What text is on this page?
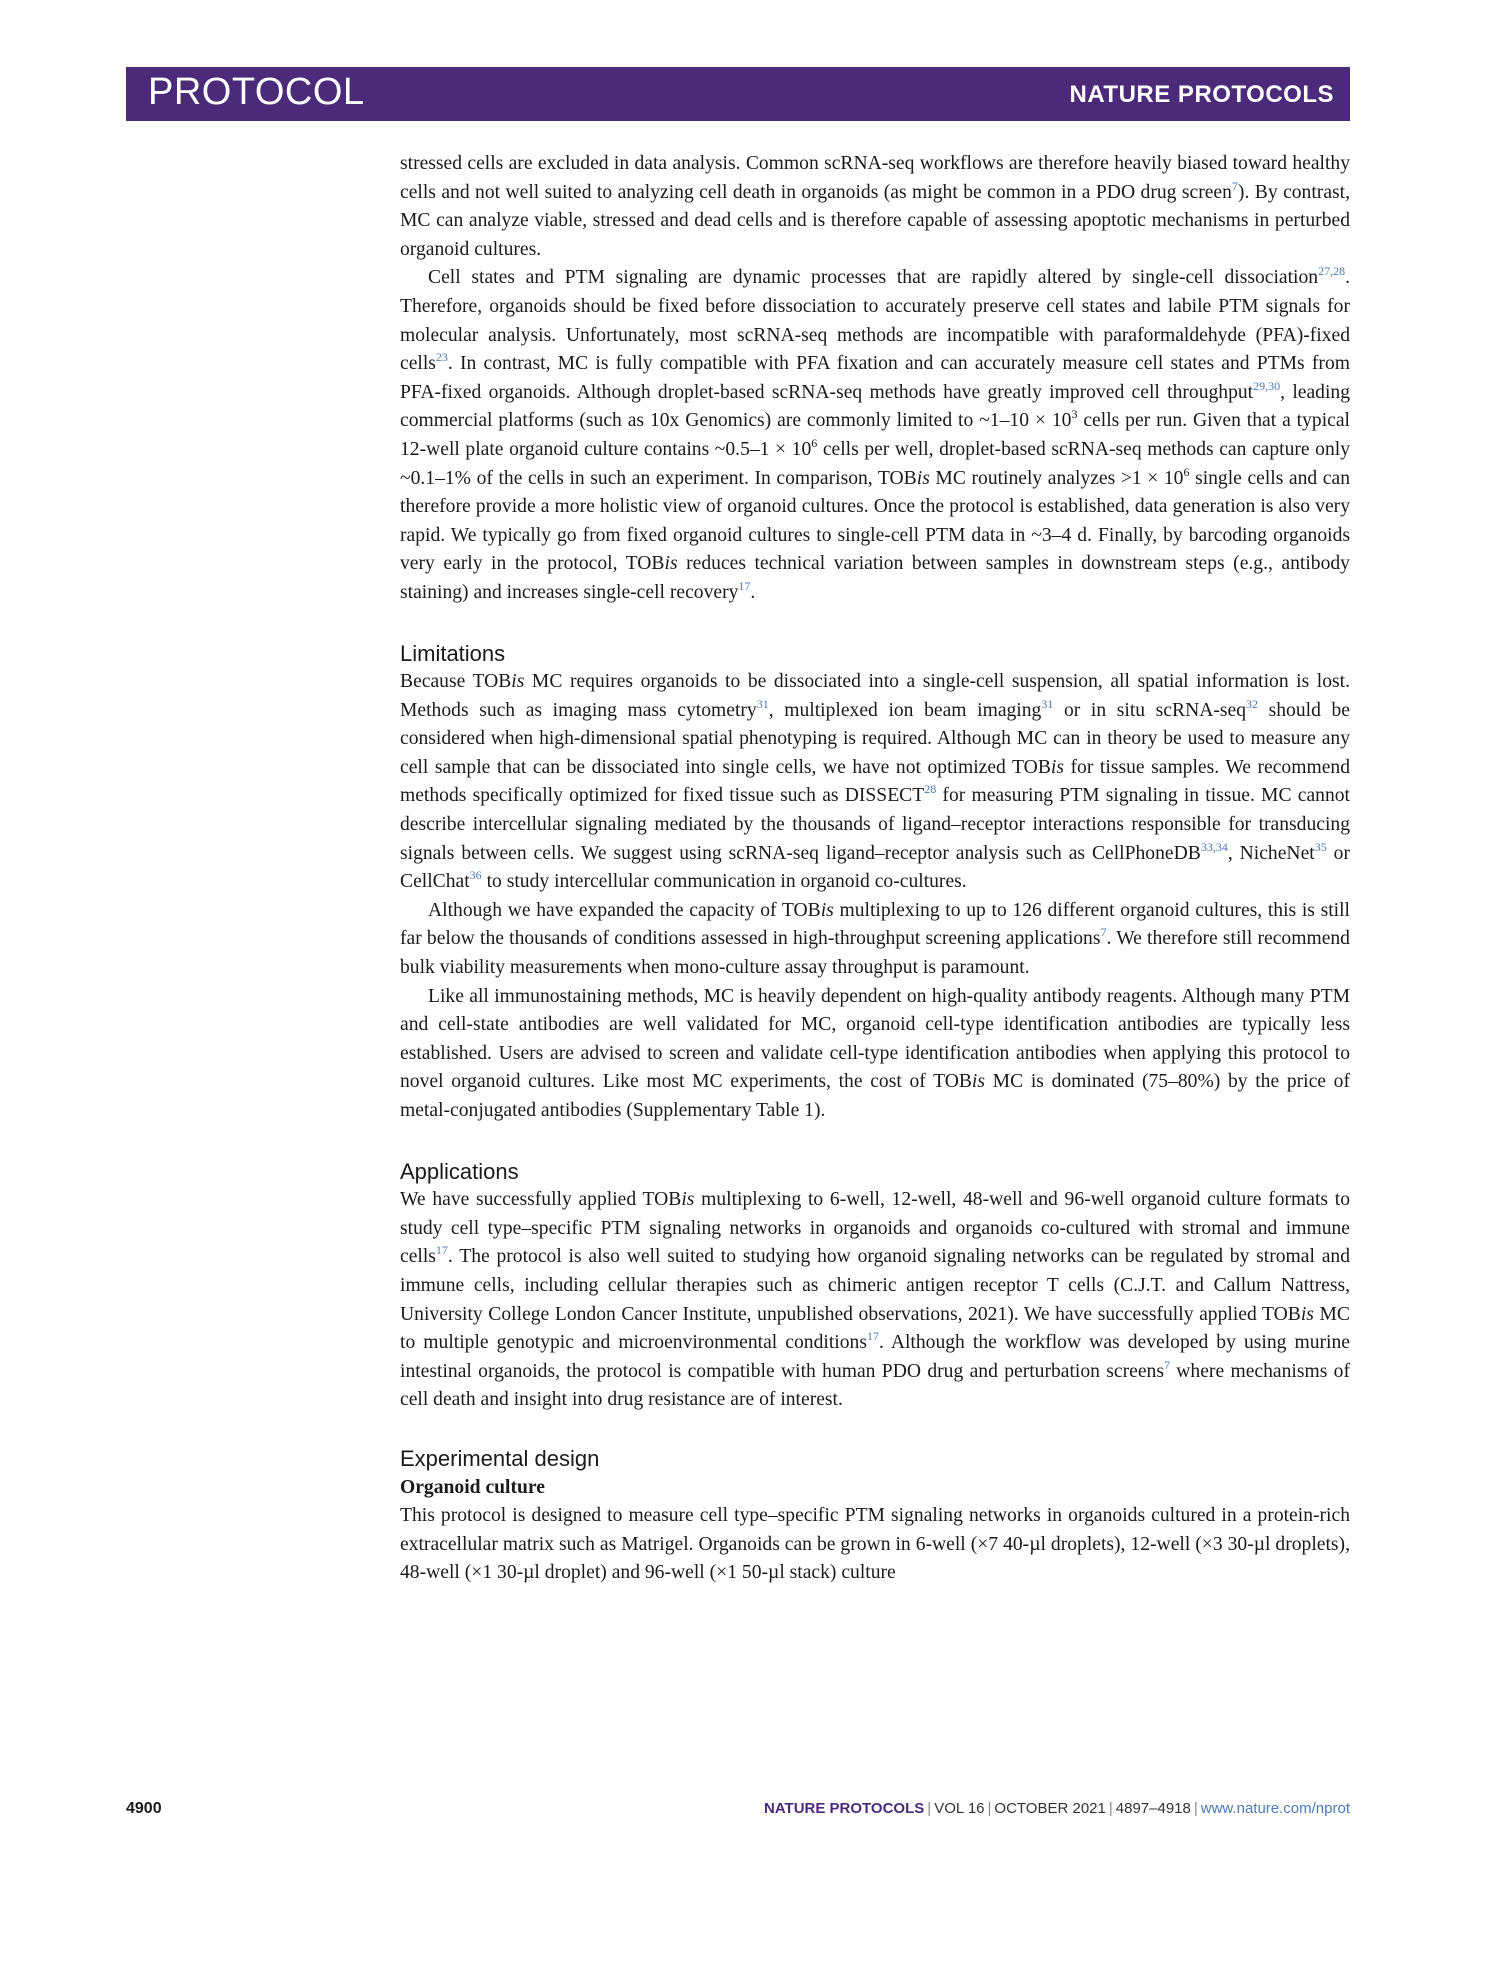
PROTOCOL	NATURE PROTOCOLS

stressed cells are excluded in data analysis. Common scRNA-seq workflows are therefore heavily biased toward healthy cells and not well suited to analyzing cell death in organoids (as might be common in a PDO drug screen$^7$). By contrast, MC can analyze viable, stressed and dead cells and is therefore capable of assessing apoptotic mechanisms in perturbed organoid cultures.

Cell states and PTM signaling are dynamic processes that are rapidly altered by single-cell dissociation$^{27,28}$. Therefore, organoids should be fixed before dissociation to accurately preserve cell states and labile PTM signals for molecular analysis. Unfortunately, most scRNA-seq methods are incompatible with paraformaldehyde (PFA)-fixed cells$^{23}$. In contrast, MC is fully compatible with PFA fixation and can accurately measure cell states and PTMs from PFA-fixed organoids. Although droplet-based scRNA-seq methods have greatly improved cell throughput$^{29,30}$, leading commercial platforms (such as 10x Genomics) are commonly limited to ~1–10 × $10^3$ cells per run. Given that a typical 12-well plate organoid culture contains ~0.5–1 × $10^6$ cells per well, droplet-based scRNA-seq methods can capture only ~0.1–1% of the cells in such an experiment. In comparison, TOBis MC routinely analyzes $>1 \times 10^6$ single cells and can therefore provide a more holistic view of organoid cultures. Once the protocol is established, data generation is also very rapid. We typically go from fixed organoid cultures to single-cell PTM data in ~3–4 d. Finally, by barcoding organoids very early in the protocol, TOBis reduces technical variation between samples in downstream steps (e.g., antibody staining) and increases single-cell recovery$^{17}$.

Limitations

Because TOBis MC requires organoids to be dissociated into a single-cell suspension, all spatial information is lost. Methods such as imaging mass cytometry$^{31}$, multiplexed ion beam imaging$^{31}$ or in situ scRNA-seq$^{32}$ should be considered when high-dimensional spatial phenotyping is required. Although MC can in theory be used to measure any cell sample that can be dissociated into single cells, we have not optimized TOBis for tissue samples. We recommend methods specifically optimized for fixed tissue such as DISSECT$^{28}$ for measuring PTM signaling in tissue. MC cannot describe intercellular signaling mediated by the thousands of ligand–receptor interactions responsible for transducing signals between cells. We suggest using scRNA-seq ligand–receptor analysis such as CellPhoneDB$^{33,34}$, NicheNet$^{35}$ or CellChat$^{36}$ to study intercellular communication in organoid co-cultures.

Although we have expanded the capacity of TOBis multiplexing to up to 126 different organoid cultures, this is still far below the thousands of conditions assessed in high-throughput screening applications$^7$. We therefore still recommend bulk viability measurements when mono-culture assay throughput is paramount.

Like all immunostaining methods, MC is heavily dependent on high-quality antibody reagents. Although many PTM and cell-state antibodies are well validated for MC, organoid cell-type identification antibodies are typically less established. Users are advised to screen and validate cell-type identification antibodies when applying this protocol to novel organoid cultures. Like most MC experiments, the cost of TOBis MC is dominated (75–80%) by the price of metal-conjugated antibodies (Supplementary Table 1).

Applications

We have successfully applied TOBis multiplexing to 6-well, 12-well, 48-well and 96-well organoid culture formats to study cell type–specific PTM signaling networks in organoids and organoids co-cultured with stromal and immune cells$^{17}$. The protocol is also well suited to studying how organoid signaling networks can be regulated by stromal and immune cells, including cellular therapies such as chimeric antigen receptor T cells (C.J.T. and Callum Nattress, University College London Cancer Institute, unpublished observations, 2021). We have successfully applied TOBis MC to multiple genotypic and microenvironmental conditions$^{17}$. Although the workflow was developed by using murine intestinal organoids, the protocol is compatible with human PDO drug and perturbation screens$^7$ where mechanisms of cell death and insight into drug resistance are of interest.

Experimental design
Organoid culture

This protocol is designed to measure cell type–specific PTM signaling networks in organoids cultured in a protein-rich extracellular matrix such as Matrigel. Organoids can be grown in 6-well (×7 40-µl droplets), 12-well (×3 30-µl droplets), 48-well (×1 30-µl droplet) and 96-well (×1 50-µl stack) culture

4900	NATURE PROTOCOLS | VOL 16 | OCTOBER 2021 | 4897–4918 | www.nature.com/nprot
